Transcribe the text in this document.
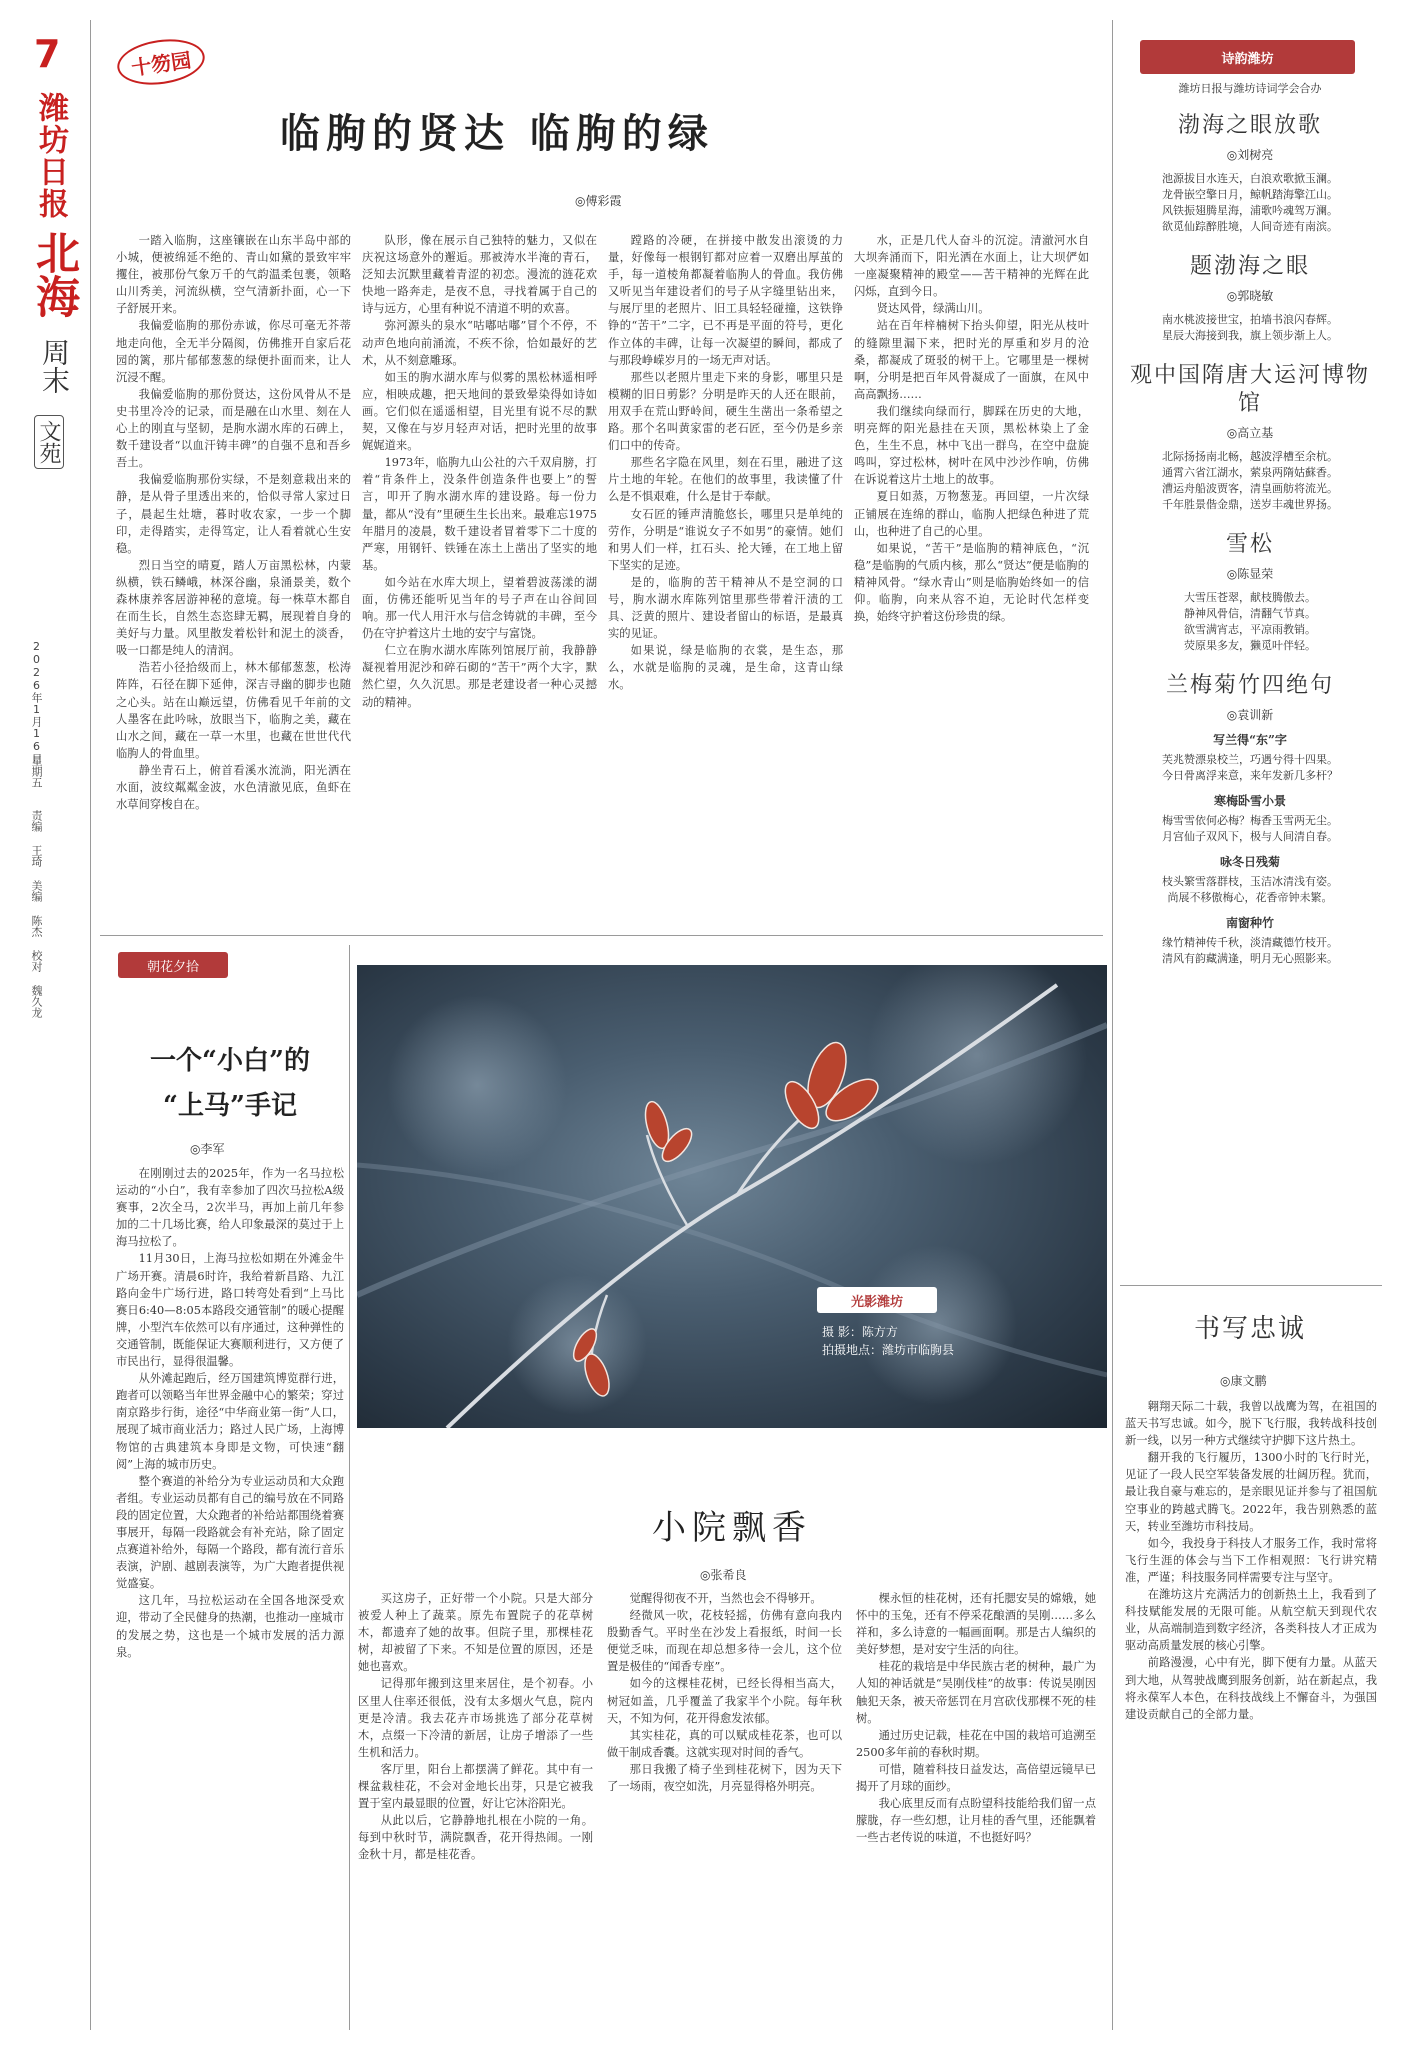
7
潍坊日报
北海
周末
文苑
2026年1月16日
星期五
责编 王琦 美编 陈杰 校对 魏久龙
十笏园
临朐的贤达 临朐的绿
◎傅彩霞

一踏入临朐，这座镶嵌在山东半岛中部的小城，便被绵延不绝的、青山如黛的景致牢牢攫住，被那份气象万千的气韵温柔包裹，领略山川秀美，河流纵横，空气清新扑面，心一下子舒展开来。

我偏爱临朐的那份赤诚，你尽可毫无芥蒂地走向他，全无半分隔阂，仿佛推开自家后花园的篱，那片郁郁葱葱的绿便扑面而来，让人沉浸不醒。

我偏爱临朐的那份贤达，这份风骨从不是史书里冷冷的记录，而是融在山水里、刻在人心上的刚直与坚韧，是朐水湖水库的石碑上，数千建设者“以血汗铸丰碑”的自强不息和吾乡吾土。

我偏爱临朐那份实绿，不是刻意栽出来的静，是从骨子里透出来的，恰似寻常人家过日子，晨起生灶塘，暮时收农家，一步一个脚印，走得踏实，走得笃定，让人看着就心生安稳。

烈日当空的晴夏，踏人万亩黑松林，内蒙纵横，铁石鳞峨，林深谷幽，泉涌景美，数个森林康养客居游神秘的意境。每一株草木都自在而生长，自然生态恣肆无羁，展现着自身的美好与力量。风里散发着松针和泥土的淡香，吸一口都是纯人的清润。

浩若小径拾级而上，林木郁郁葱葱，松涛阵阵，石径在脚下延伸，深吉寻幽的脚步也随之心头。站在山巅远望，仿佛看见千年前的文人墨客在此吟咏，放眼当下，临朐之美，藏在山水之间，藏在一草一木里，也藏在世世代代临朐人的骨血里。

静坐青石上，俯首看溪水流淌，阳光洒在水面，波纹粼粼金波，水色清澈见底，鱼虾在水草间穿梭自在。

队形，像在展示自己独特的魅力，又似在庆祝这场意外的邂逅。那被涛水半淹的青石，泛知去沉默里藏着青涩的初恋。漫流的涟花欢快地一路奔走，是夜不息，寻找着属于自己的诗与远方，心里有种说不清道不明的欢喜。

弥河源头的泉水“咕嘟咕嘟”冒个不停，不动声色地向前涌流，不疾不徐，恰如最好的艺术，从不刻意雕琢。

如玉的朐水湖水库与似雾的黑松林遥相呼应，相映成趣，把天地间的景致晕染得如诗如画。它们似在遥遥相望，目光里有说不尽的默契，又像在与岁月轻声对话，把时光里的故事娓娓道来。

1973年，临朐九山公社的六千双肩膀，打着“肯条件上，没条件创造条件也要上”的誓言，叩开了朐水湖水库的建设路。每一份力量，都从“没有”里硬生生长出来。最难忘1975年腊月的凌晨，数千建设者冒着零下二十度的严寒，用钢钎、铁锤在冻土上凿出了坚实的地基。

如今站在水库大坝上，望着碧波荡漾的湖面，仿佛还能听见当年的号子声在山谷间回响。那一代人用汗水与信念铸就的丰碑，至今仍在守护着这片土地的安宁与富饶。

仁立在朐水湖水库陈列馆展厅前，我静静凝视着用泥沙和碎石砌的“苦干”两个大字，默然伫望，久久沉思。那是老建设者一种心灵撼动的精神。

蹚路的冷硬，在拼接中散发出滚烫的力量，好像每一根钢钉都对应着一双磨出厚茧的手，每一道棱角都凝着临朐人的骨血。我仿佛又听见当年建设者们的号子从字缝里钻出来，与展厅里的老照片、旧工具轻轻碰撞，这铁铮铮的“苦干”二字，已不再是平面的符号，更化作立体的丰碑，让每一次凝望的瞬间，都成了与那段峥嵘岁月的一场无声对话。

那些以老照片里走下来的身影，哪里只是模糊的旧日剪影？分明是昨天的人还在眼前，用双手在荒山野岭间，硬生生凿出一条希望之路。那个名叫黄家雷的老石匠，至今仍是乡亲们口中的传奇。

那些名字隐在风里，刻在石里，融进了这片土地的年轮。在他们的故事里，我读懂了什么是不惧艰难，什么是甘于奉献。

女石匠的锤声清脆悠长，哪里只是单纯的劳作，分明是“谁说女子不如男”的豪情。她们和男人们一样，扛石头、抡大锤，在工地上留下坚实的足迹。

是的，临朐的苦干精神从不是空洞的口号，朐水湖水库陈列馆里那些带着汗渍的工具、泛黄的照片、建设者留山的标语，是最真实的见证。

如果说，绿是临朐的衣裳，是生态，那么，水就是临朐的灵魂，是生命，这青山绿水。

水，正是几代人奋斗的沉淀。清澈河水自大坝奔涌而下，阳光洒在水面上，让大坝俨如一座凝聚精神的殿堂——苦干精神的光辉在此闪烁，直到今日。

贤达风骨，绿满山川。

站在百年梓楠树下抬头仰望，阳光从枝叶的缝隙里漏下来，把时光的厚重和岁月的沧桑，都凝成了斑驳的树干上。它哪里是一棵树啊，分明是把百年风骨凝成了一面旗，在风中高高飘扬……

我们继续向绿而行，脚踩在历史的大地，明亮辉的阳光悬挂在天顶，黑松林染上了金色，生生不息，林中飞出一群鸟，在空中盘旋鸣叫，穿过松林，树叶在风中沙沙作响，仿佛在诉说着这片土地上的故事。

夏日如蒸，万物葱茏。再回望，一片次绿正铺展在连绵的群山，临朐人把绿色种进了荒山，也种进了自己的心里。

如果说，“苦干”是临朐的精神底色，“沉稳”是临朐的气质内核，那么“贤达”便是临朐的精神风骨。“绿水青山”则是临朐始终如一的信仰。临朐，向来从容不迫，无论时代怎样变换，始终守护着这份珍贵的绿。

朝花夕拾
一个“小白”的
“上马”手记
◎李军

在刚刚过去的2025年，作为一名马拉松运动的“小白”，我有幸参加了四次马拉松A级赛事，2次全马，2次半马，再加上前几年参加的二十几场比赛，给人印象最深的莫过于上海马拉松了。

11月30日，上海马拉松如期在外滩金牛广场开赛。清晨6时许，我给着新昌路、九江路向金牛广场行进，路口转弯处看到“上马比赛日6:40—8:05本路段交通管制”的暖心提醒牌，小型汽车依然可以有序通过，这种弹性的交通管制，既能保证大赛顺利进行，又方便了市民出行，显得很温馨。

从外滩起跑后，经万国建筑博览群行进，跑者可以领略当年世界金融中心的繁荣；穿过南京路步行街，途径“中华商业第一街”人口，展现了城市商业活力；路过人民广场，上海博物馆的古典建筑本身即是文物，可快速“翻阅”上海的城市历史。

整个赛道的补给分为专业运动员和大众跑者组。专业运动员都有自己的编号放在不同路段的固定位置，大众跑者的补给站都围绕着赛事展开，每隔一段路就会有补充站，除了固定点赛道补给外，每隔一个路段，都有流行音乐表演，沪剧、越剧表演等，为广大跑者提供视觉盛宴。

这几年，马拉松运动在全国各地深受欢迎，带动了全民健身的热潮，也推动一座城市的发展之势，这也是一个城市发展的活力源泉。

光影潍坊
摄 影：陈方方
拍摄地点：潍坊市临朐县
小院飘香
◎张希良

买这房子，正好带一个小院。只是大部分被爱人种上了蔬菜。原先布置院子的花草树木，都遗弃了她的故事。但院子里，那棵桂花树，却被留了下来。不知是位置的原因，还是她也喜欢。

记得那年搬到这里来居住，是个初春。小区里人住率还很低，没有太多烟火气息，院内更是冷清。我去花卉市场挑选了部分花草树木，点缀一下冷清的新居，让房子增添了一些生机和活力。

客厅里，阳台上都摆满了鲜花。其中有一棵盆栽桂花，不会对金地长出芽，只是它被我置于室内最显眼的位置，好让它沐浴阳光。

从此以后，它静静地扎根在小院的一角。每到中秋时节，满院飘香，花开得热闹。一刚金秋十月，都是桂花香。

觉醒得彻夜不开，当然也会不得够开。

经微风一吹，花枝轻摇，仿佛有意向我内殷勤香气。平时坐在沙发上看报纸，时间一长便觉乏味，而现在却总想多待一会儿，这个位置是极佳的“闻香专座”。

如今的这棵桂花树，已经长得相当高大，树冠如盖，几乎覆盖了我家半个小院。每年秋天，不知为何，花开得愈发浓郁。

其实桂花，真的可以赋成桂花茶，也可以做干制成香囊。这就实现对时间的香气。

那日我搬了椅子坐到桂花树下，因为天下了一场雨，夜空如洗，月亮显得格外明亮。

棵永恒的桂花树，还有托腮安吴的嫦娥，她怀中的玉兔，还有不停采花酿酒的吴刚……多么祥和，多么诗意的一幅画面啊。那是古人编织的美好梦想，是对安宁生活的向往。

桂花的栽培是中华民族古老的树种，最广为人知的神话就是“吴刚伐桂”的故事：传说吴刚因触犯天条，被天帝惩罚在月宫砍伐那棵不死的桂树。

通过历史记载，桂花在中国的栽培可追溯至2500多年前的春秋时期。

可惜，随着科技日益发达，高倍望远镜早已揭开了月球的面纱。

我心底里反而有点盼望科技能给我们留一点朦胧，存一些幻想，让月桂的香气里，还能飘着一些古老传说的味道，不也挺好吗？

诗韵潍坊
潍坊日报与潍坊诗词学会合办
渤海之眼放歌
◎刘树亮
池源拔目水连天，白浪欢歌掀玉澜。
龙骨嵌空擎日月，鲸帆踏海擎江山。
风铁振翅腾星海，浦歌吟魂驾万澜。
欲觅仙踪醉胜境，人间奇迹有南滨。
题渤海之眼
◎郭晓敏
南水桃波接世宝，拍墙书浪闪春辉。
星辰大海接到我，旗上领步渐上人。
观中国隋唐大运河博物馆
◎高立基
北际扬扬南北畅，越波浮槽至余杭。
通霄六省江湖水，萦泉两隋姑蘇香。
漕运舟船波贾客，清皇画舫将流光。
千年胜景偕金鼎，送岁丰魂世界扬。
雪松
◎陈显荣
大雪压苍翠，献枝腾傲去。
静神风骨信，清翻气节真。
欲雪满宵志，平凉雨教销。
荧原果多友，獭觅叶伴轻。
兰梅菊竹四绝句
◎袁训新
写兰得“东”字
芙兆赞漂泉校兰，巧遇兮得十四果。
今日骨离浮来意，来年发新几多杆？
寒梅卧雪小景
梅雪雪依何必梅？梅香玉雪两无尘。
月宫仙子双风下，极与人间清自春。
咏冬日残菊
枝头繁雪落群枝，玉洁冰清浅有姿。
尚展不移傲梅心，花香帝钟未繁。
南窗种竹
缘竹精神传千秋，淡清藏德竹枝开。
清风有韵藏满逢，明月无心照影来。
书写忠诚
◎康文鹏

翱翔天际二十载，我曾以战鹰为驾，在祖国的蓝天书写忠诚。如今，脱下飞行服，我转战科技创新一线，以另一种方式继续守护脚下这片热土。

翻开我的飞行履历，1300小时的飞行时光，见证了一段人民空军装备发展的壮阔历程。犹而，最让我自豪与难忘的，是亲眼见证并参与了祖国航空事业的跨越式腾飞。2022年，我告别熟悉的蓝天，转业至潍坊市科技局。

如今，我投身于科技人才服务工作，我时常将飞行生涯的体会与当下工作相观照：飞行讲究精准，严谨；科技服务同样需要专注与坚守。

在潍坊这片充满活力的创新热土上，我看到了科技赋能发展的无限可能。从航空航天到现代农业，从高端制造到数字经济，各类科技人才正成为驱动高质量发展的核心引擎。

前路漫漫，心中有光，脚下便有力量。从蓝天到大地，从驾驶战鹰到服务创新，站在新起点，我将永葆军人本色，在科技战线上不懈奋斗，为强国建设贡献自己的全部力量。
